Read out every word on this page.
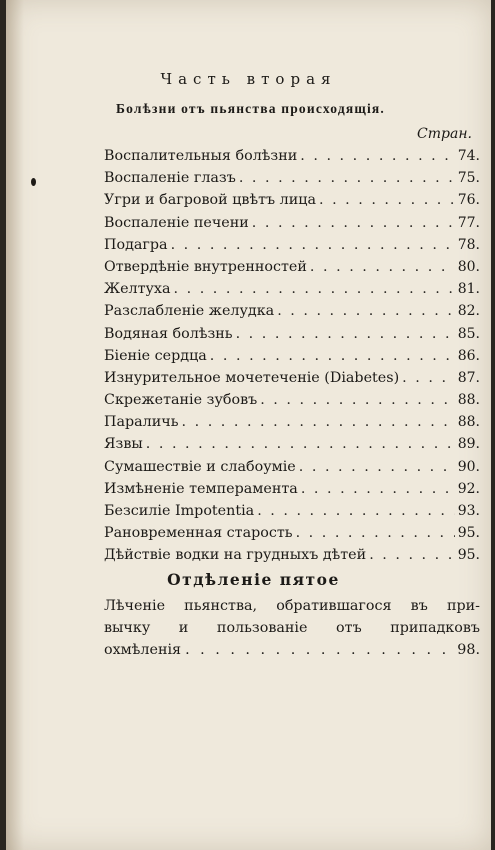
Часть вторая
Болѣзни отъ пьянства происходящія.
Стран.
Воспалительныя болѣзни . . .	74.
Воспаленіе глазъ . . .	75.
Угри и багровой цвѣтъ лица . . .	76.
Воспаленіе печени . . .	77.
Подагра . . .	78.
Отвердѣніе внутренностей . . .	80.
Желтуха . . .	81.
Разслабленіе желудка . . .	82.
Водяная болѣзнь . . .	85.
Біеніе сердца . . .	86.
Изнурительное мочетеченіе (Diabetes) . . .	87.
Скрежетаніе зубовъ . . .	88.
Параличь . . .	88.
Язвы . . .	89.
Сумашествіе и слабоуміе . . .	90.
Измѣненіе темперамента . . .	92.
Безсиліе Impotentia . . .	93.
Рановременная старость . . .	95.
Дѣйствіе водки на грудныхъ дѣтей . . .	95.
Отдѣленіе пятое
Лѣченіе пьянства, обратившагося въ при-
вычку и пользованіе отъ припадковъ
охмѣленія . . .	98.
